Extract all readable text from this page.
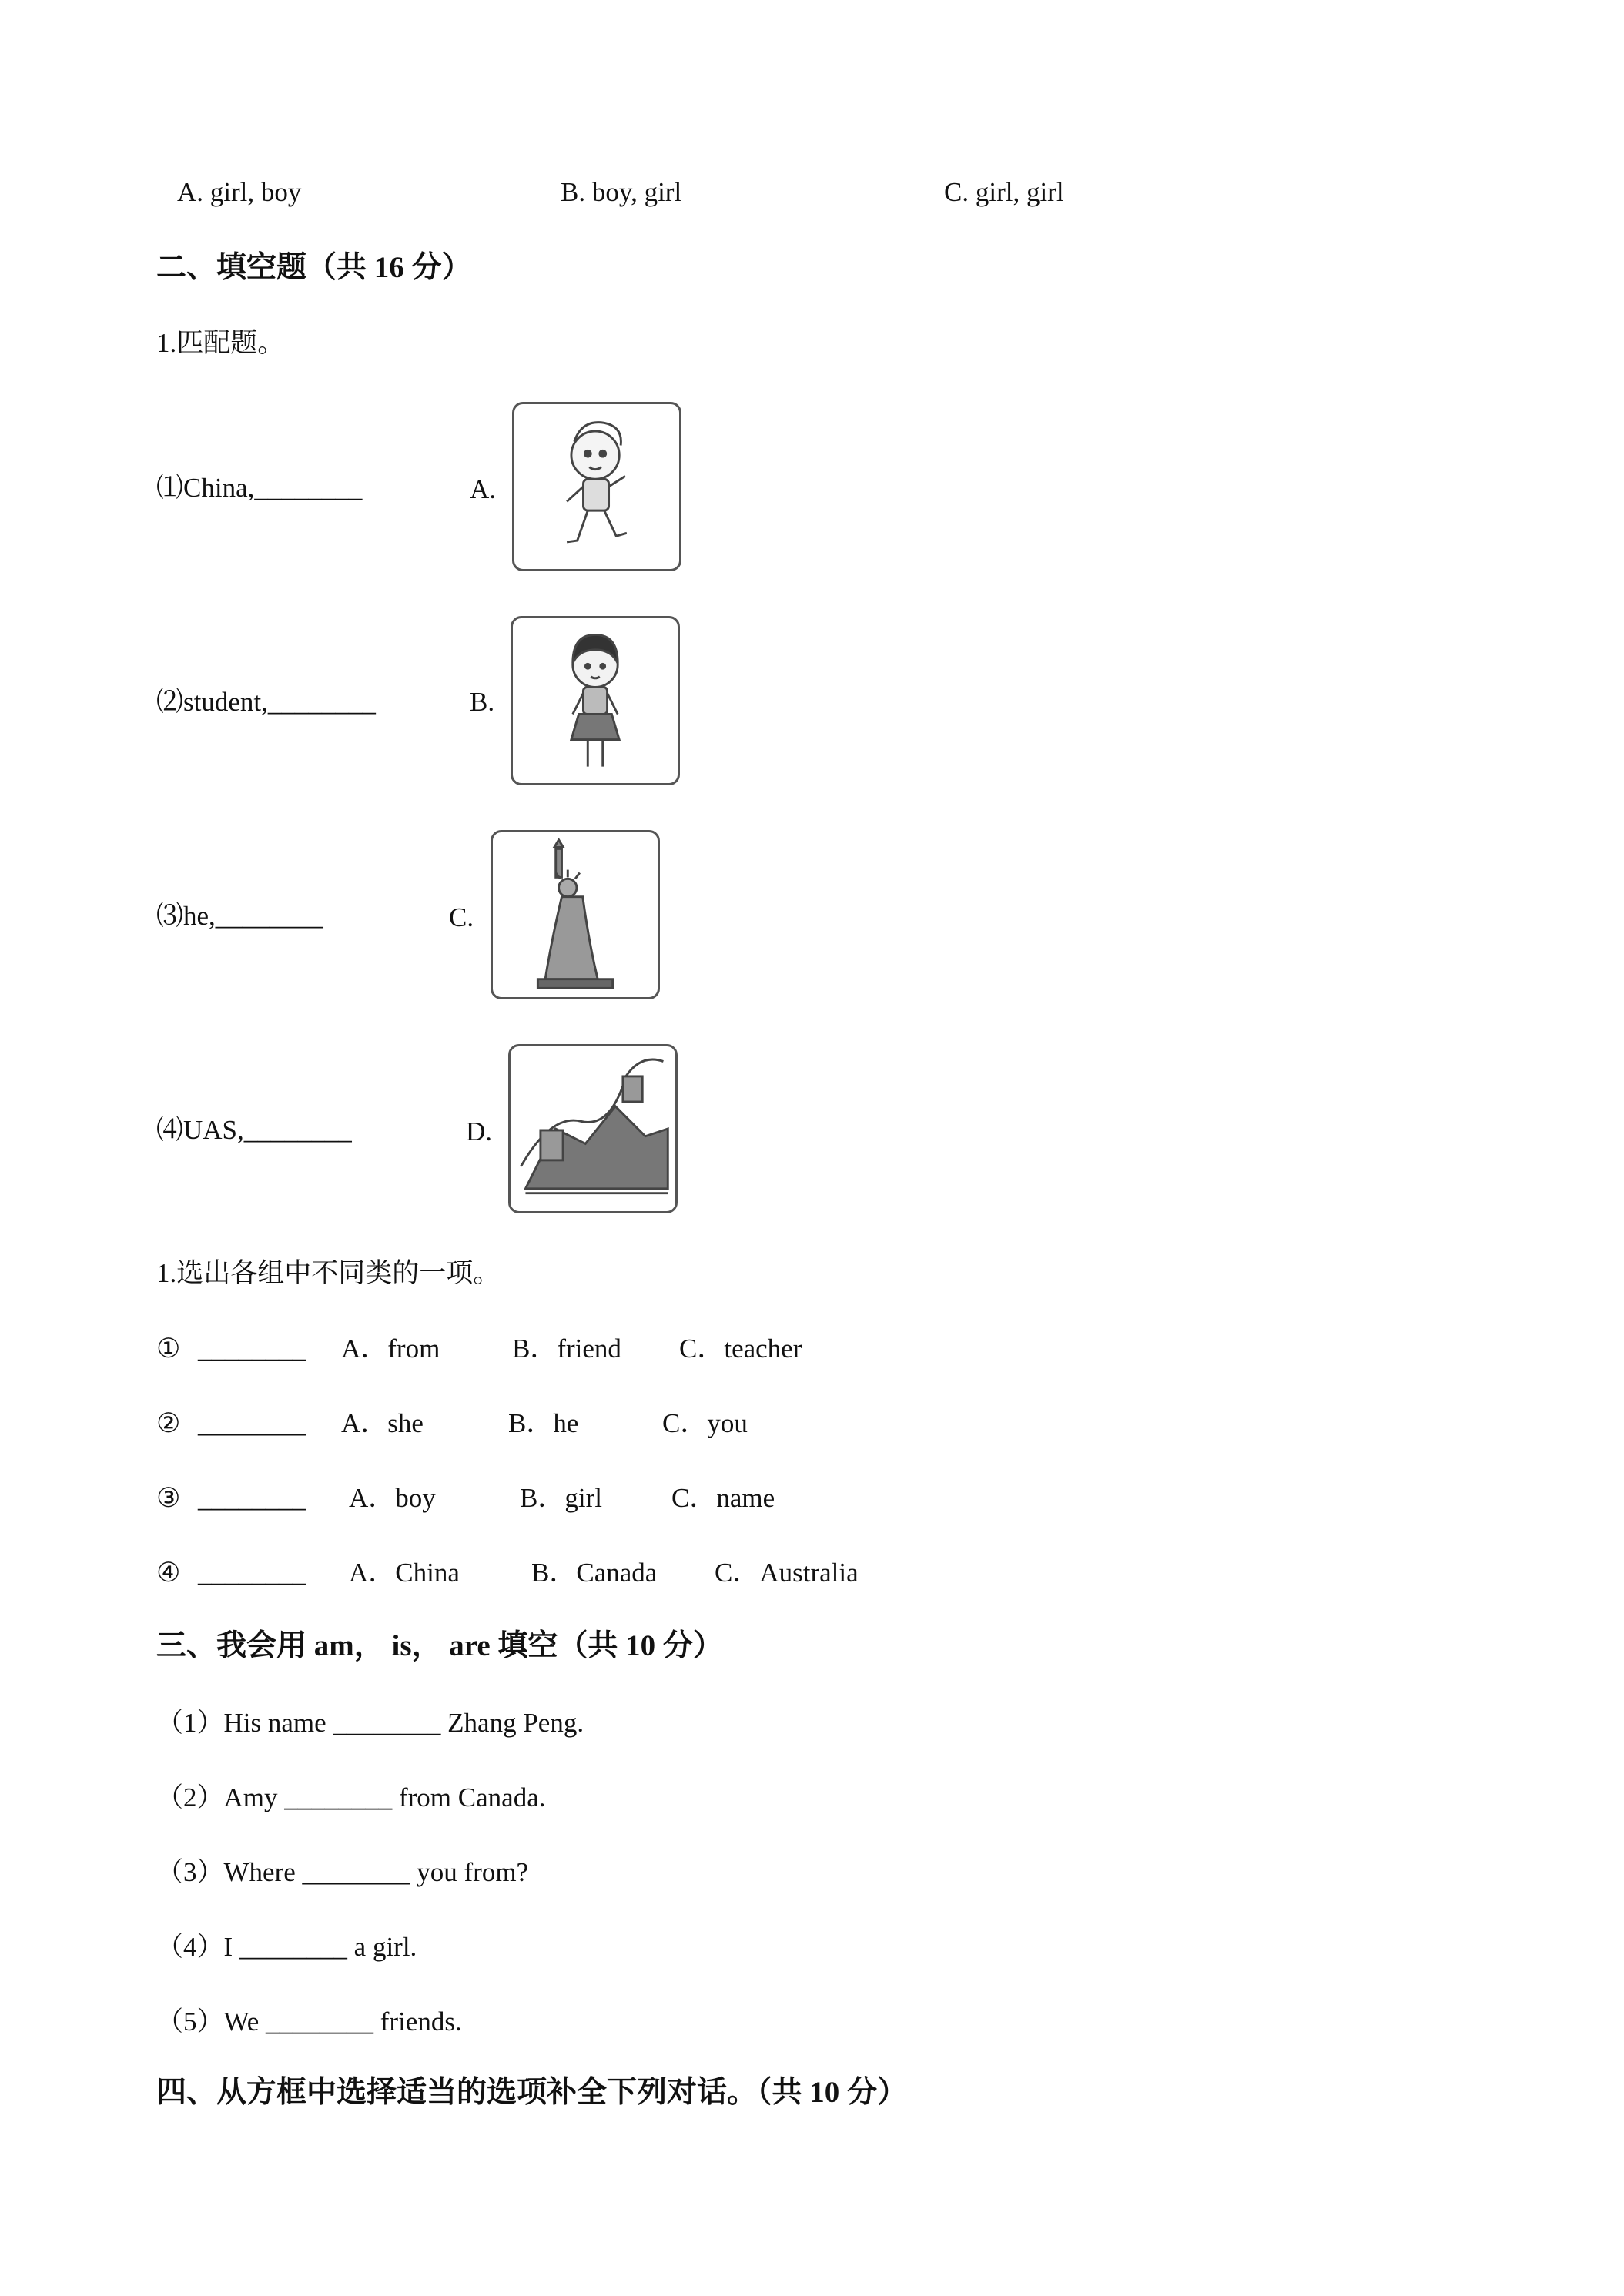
A. girl, boy	B. boy, girl	C. girl, girl
二、填空题（共 16 分）
1.匹配题。
⑴China,________	A.
⑵student,________	B.
⑶he,________	C.
⑷UAS,________	D.
1.选出各组中不同类的一项。
① ________ A．from	B．friend C．teacher
② ________ A．she	B．he	C．you
③ ________ A．boy	B．girl	C．name
④ ________ A．China	B．Canada C．Australia
三、我会用 am， is， are 填空（共 10 分）
（1）His name ________ Zhang Peng.
（2）Amy ________ from Canada.
（3）Where ________ you from?
（4）I ________ a girl.
（5）We ________ friends.
四、从方框中选择适当的选项补全下列对话。（共 10 分）
